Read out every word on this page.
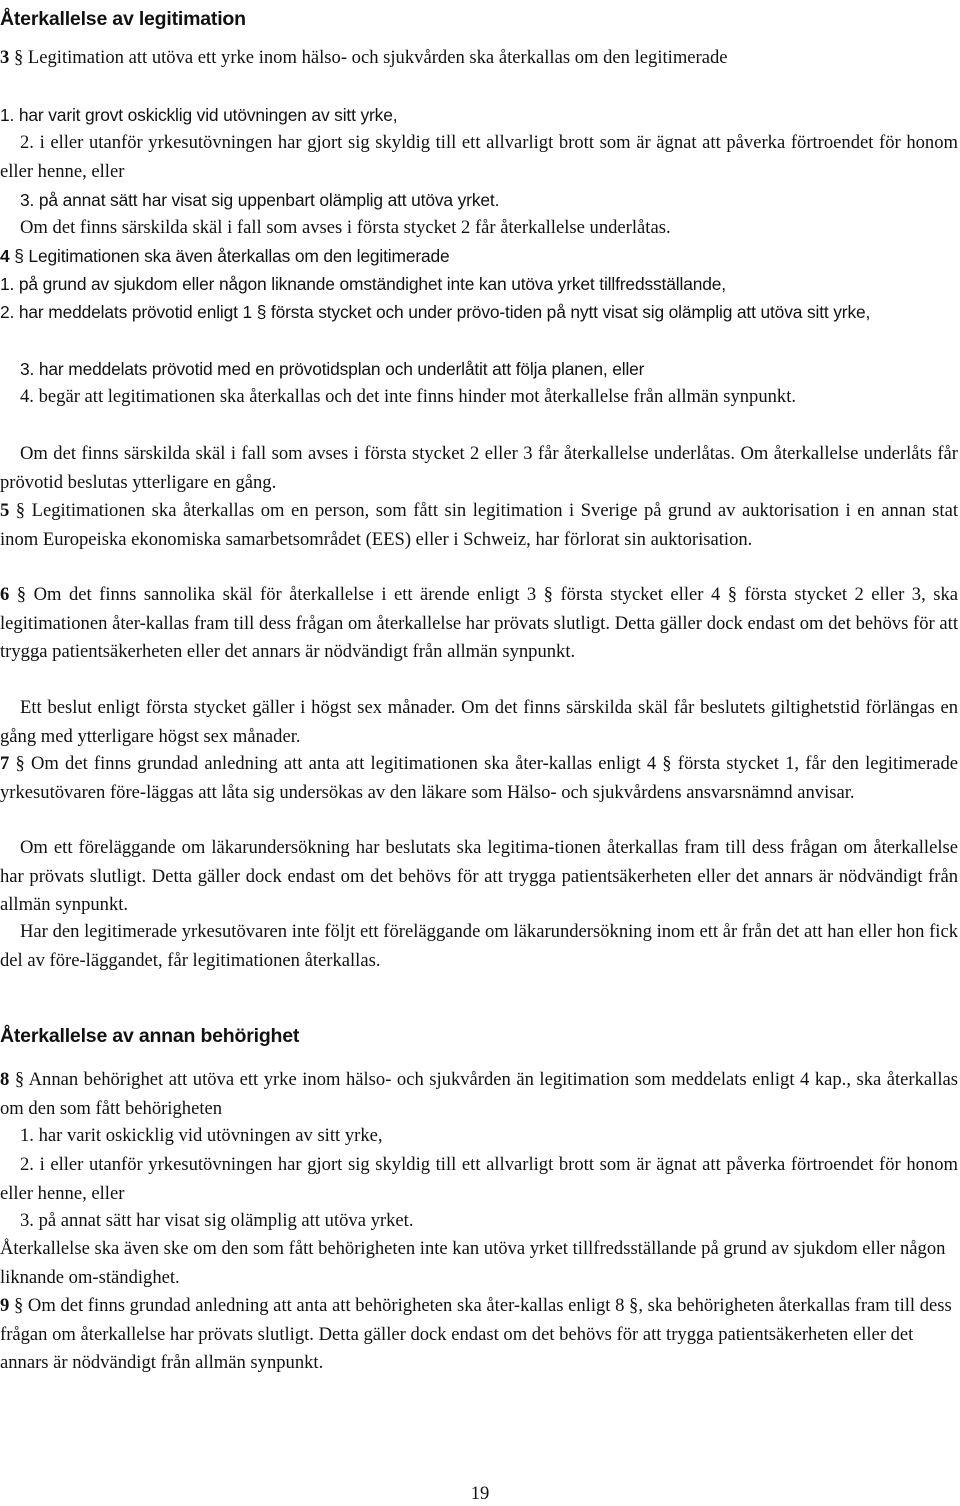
Återkallelse av legitimation

3 § Legitimation att utöva ett yrke inom hälso- och sjukvården ska återkallas om den legitimerade

1. har varit grovt oskicklig vid utövningen av sitt yrke,

2. i eller utanför yrkesutövningen har gjort sig skyldig till ett allvarligt brott som är ägnat att påverka förtroendet för honom eller henne, eller

3. på annat sätt har visat sig uppenbart olämplig att utöva yrket.

Om det finns särskilda skäl i fall som avses i första stycket 2 får återkallelse underlåtas.

4 § Legitimationen ska även återkallas om den legitimerade

1. på grund av sjukdom eller någon liknande omständighet inte kan utöva yrket tillfredsställande,

2. har meddelats prövotid enligt 1 § första stycket och under prövo-tiden på nytt visat sig olämplig att utöva sitt yrke,

3. har meddelats prövotid med en prövotidsplan och underlåtit att följa planen, eller

4. begär att legitimationen ska återkallas och det inte finns hinder mot återkallelse från allmän synpunkt.

Om det finns särskilda skäl i fall som avses i första stycket 2 eller 3 får återkallelse underlåtas. Om återkallelse underlåts får prövotid beslutas ytterligare en gång.

5 § Legitimationen ska återkallas om en person, som fått sin legitimation i Sverige på grund av auktorisation i en annan stat inom Europeiska ekonomiska samarbetsområdet (EES) eller i Schweiz, har förlorat sin auktorisation.

6 § Om det finns sannolika skäl för återkallelse i ett ärende enligt 3 § första stycket eller 4 § första stycket 2 eller 3, ska legitimationen åter-kallas fram till dess frågan om återkallelse har prövats slutligt. Detta gäller dock endast om det behövs för att trygga patientsäkerheten eller det annars är nödvändigt från allmän synpunkt.

Ett beslut enligt första stycket gäller i högst sex månader. Om det finns särskilda skäl får beslutets giltighetstid förlängas en gång med ytterligare högst sex månader.

7 § Om det finns grundad anledning att anta att legitimationen ska åter-kallas enligt 4 § första stycket 1, får den legitimerade yrkesutövaren före-läggas att låta sig undersökas av den läkare som Hälso- och sjukvårdens ansvarsnämnd anvisar.

Om ett föreläggande om läkarundersökning har beslutats ska legitima-tionen återkallas fram till dess frågan om återkallelse har prövats slutligt. Detta gäller dock endast om det behövs för att trygga patientsäkerheten eller det annars är nödvändigt från allmän synpunkt.

Har den legitimerade yrkesutövaren inte följt ett föreläggande om läkarundersökning inom ett år från det att han eller hon fick del av före-läggandet, får legitimationen återkallas.

Återkallelse av annan behörighet

8 § Annan behörighet att utöva ett yrke inom hälso- och sjukvården än legitimation som meddelats enligt 4 kap., ska återkallas om den som fått behörigheten

1. har varit oskicklig vid utövningen av sitt yrke,

2. i eller utanför yrkesutövningen har gjort sig skyldig till ett allvarligt brott som är ägnat att påverka förtroendet för honom eller henne, eller

3. på annat sätt har visat sig olämplig att utöva yrket.

Återkallelse ska även ske om den som fått behörigheten inte kan utöva yrket tillfredsställande på grund av sjukdom eller någon liknande om-ständighet.

9 § Om det finns grundad anledning att anta att behörigheten ska åter-kallas enligt 8 §, ska behörigheten återkallas fram till dess frågan om återkallelse har prövats slutligt. Detta gäller dock endast om det behövs för att trygga patientsäkerheten eller det annars är nödvändigt från allmän synpunkt.

19
